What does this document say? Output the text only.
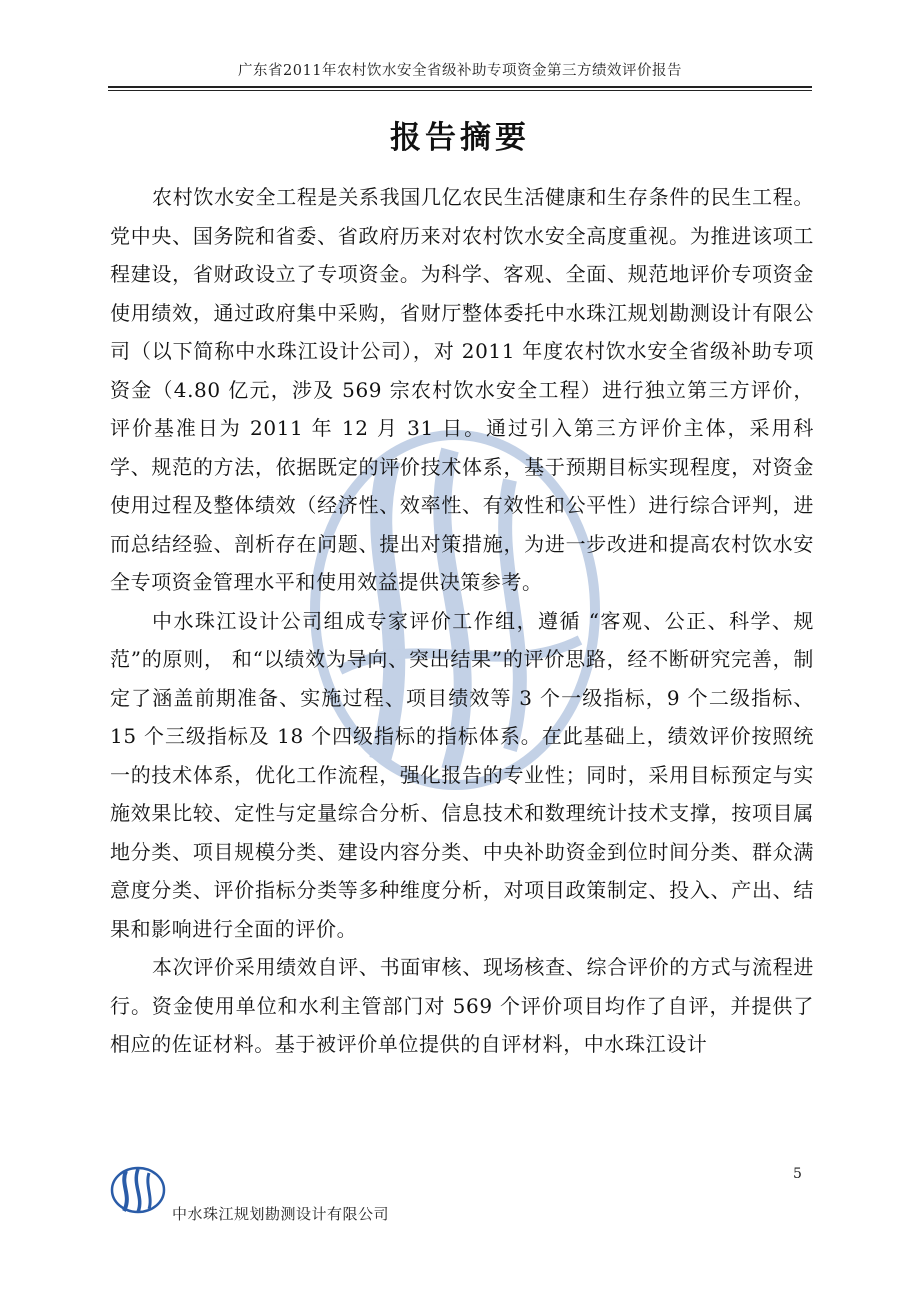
广东省2011年农村饮水安全省级补助专项资金第三方绩效评价报告
报告摘要

农村饮水安全工程是关系我国几亿农民生活健康和生存条件的民生工程。党中央、国务院和省委、省政府历来对农村饮水安全高度重视。为推进该项工程建设，省财政设立了专项资金。为科学、客观、全面、规范地评价专项资金使用绩效，通过政府集中采购，省财厅整体委托中水珠江规划勘测设计有限公司（以下简称中水珠江设计公司），对 2011 年度农村饮水安全省级补助专项资金（4.80 亿元，涉及 569 宗农村饮水安全工程）进行独立第三方评价，评价基准日为 2011 年 12 月 31 日。通过引入第三方评价主体，采用科学、规范的方法，依据既定的评价技术体系，基于预期目标实现程度，对资金使用过程及整体绩效（经济性、效率性、有效性和公平性）进行综合评判，进而总结经验、剖析存在问题、提出对策措施，为进一步改进和提高农村饮水安全专项资金管理水平和使用效益提供决策参考。

中水珠江设计公司组成专家评价工作组，遵循 “客观、公正、科学、规范”的原则， 和“以绩效为导向、突出结果”的评价思路，经不断研究完善，制定了涵盖前期准备、实施过程、项目绩效等 3 个一级指标，9 个二级指标、15 个三级指标及 18 个四级指标的指标体系。在此基础上，绩效评价按照统一的技术体系，优化工作流程，强化报告的专业性；同时，采用目标预定与实施效果比较、定性与定量综合分析、信息技术和数理统计技术支撑，按项目属地分类、项目规模分类、建设内容分类、中央补助资金到位时间分类、群众满意度分类、评价指标分类等多种维度分析，对项目政策制定、投入、产出、结果和影响进行全面的评价。

本次评价采用绩效自评、书面审核、现场核查、综合评价的方式与流程进行。资金使用单位和水利主管部门对 569 个评价项目均作了自评，并提供了相应的佐证材料。基于被评价单位提供的自评材料，中水珠江设计

5
中水珠江规划勘测设计有限公司
